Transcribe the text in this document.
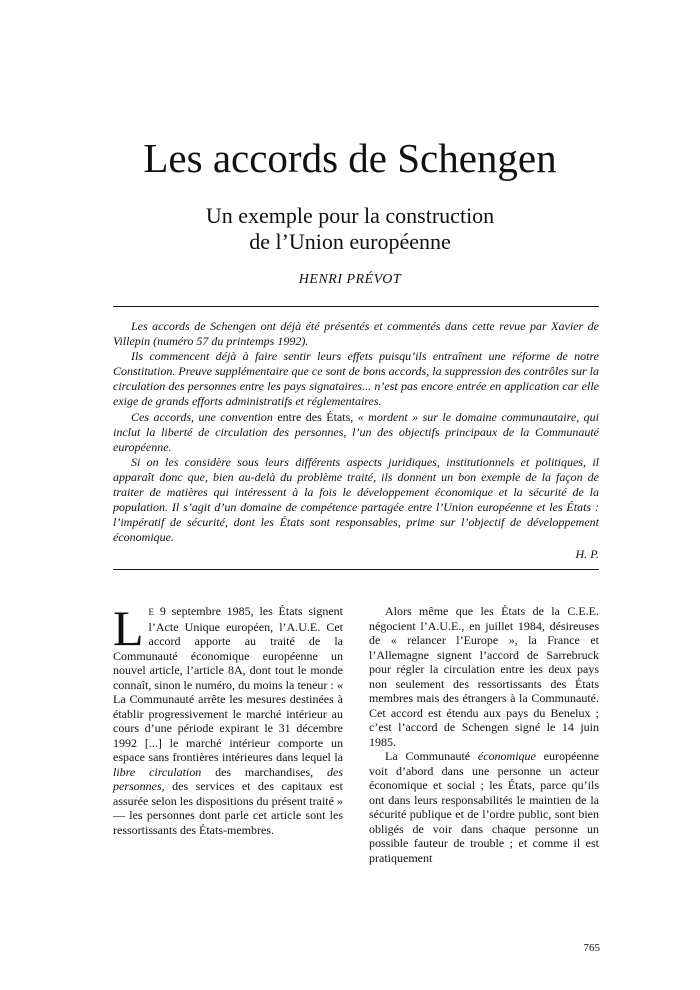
Les accords de Schengen
Un exemple pour la construction
de l’Union européenne
HENRI PRÉVOT

Les accords de Schengen ont déjà été présentés et commentés dans cette revue par Xavier de Villepin (numéro 57 du printemps 1992).

Ils commencent déjà à faire sentir leurs effets puisqu’ils entraînent une réforme de notre Constitution. Preuve supplémentaire que ce sont de bons accords, la suppression des contrôles sur la circulation des personnes entre les pays signataires... n’est pas encore entrée en application car elle exige de grands efforts administratifs et réglementaires.

Ces accords, une convention entre des États, « mordent » sur le domaine communautaire, qui inclut la liberté de circulation des personnes, l’un des objectifs principaux de la Communauté européenne.

Si on les considère sous leurs différents aspects juridiques, institutionnels et politiques, il apparaît donc que, bien au-delà du problème traité, ils donnent un bon exemple de la façon de traiter de matières qui intéressent à la fois le développement économique et la sécurité de la population. Il s’agit d’un domaine de compétence partagée entre l’Union européenne et les États : l’impératif de sécurité, dont les États sont responsables, prime sur l’objectif de développement économique.

H. P.

L E 9 septembre 1985, les États signent l’Acte Unique européen, l’A.U.E. Cet accord apporte au traité de la Communauté économique européenne un nouvel article, l’article 8A, dont tout le monde connaît, sinon le numéro, du moins la teneur : « La Communauté arrête les mesures destinées à établir progressivement le marché intérieur au cours d’une période expirant le 31 décembre 1992 [...] le marché intérieur comporte un espace sans frontières intérieures dans lequel la libre circulation des marchandises, des personnes, des services et des capitaux est assurée selon les dispositions du présent traité » — les personnes dont parle cet article sont les ressortissants des États-membres.

Alors même que les États de la C.E.E. négocient l’A.U.E., en juillet 1984, désireuses de « relancer l’Europe », la France et l’Allemagne signent l’accord de Sarrebruck pour régler la circulation entre les deux pays non seulement des ressortissants des États membres mais des étrangers à la Communauté. Cet accord est étendu aux pays du Benelux ; c’est l’accord de Schengen signé le 14 juin 1985.

La Communauté économique européenne voit d’abord dans une personne un acteur économique et social ; les États, parce qu’ils ont dans leurs responsabilités le maintien de la sécurité publique et de l’ordre public, sont bien obligés de voir dans chaque personne un possible fauteur de trouble ; et comme il est pratiquement

765
